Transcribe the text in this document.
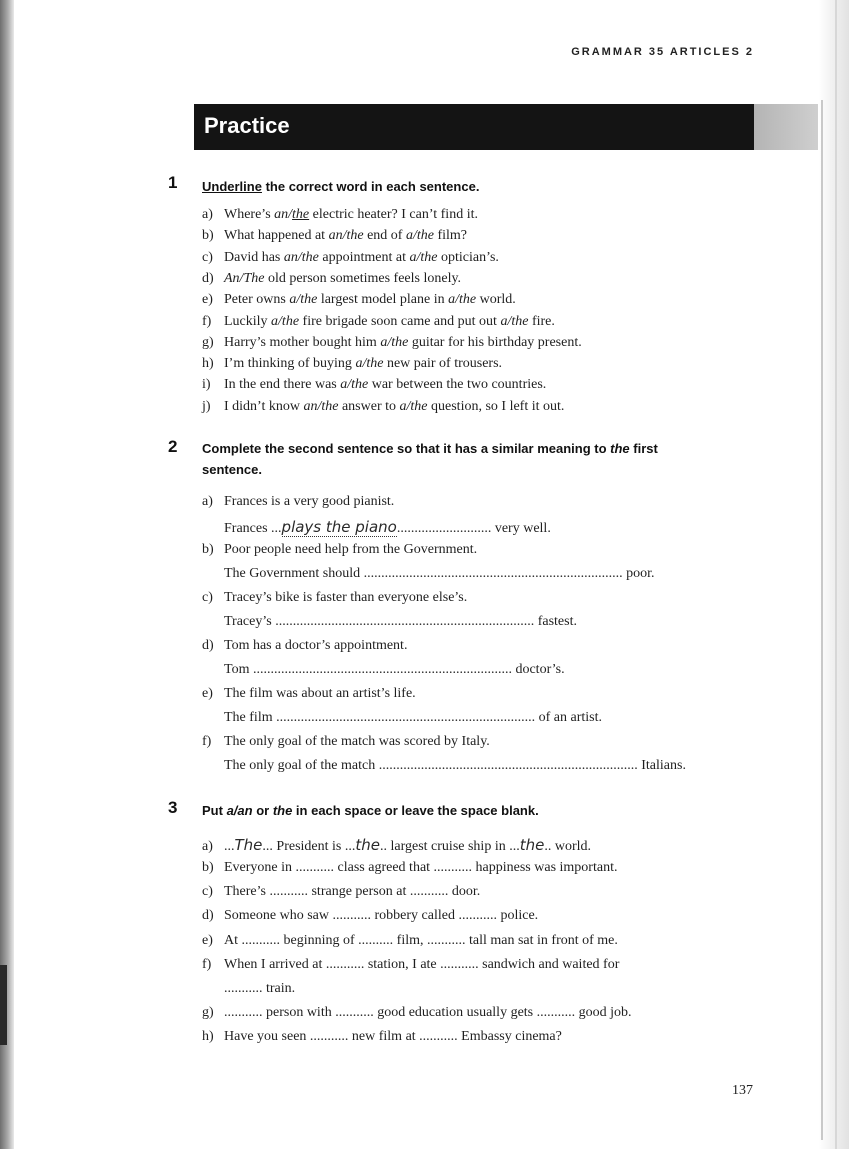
GRAMMAR 35 ARTICLES 2
Practice
1 Underline the correct word in each sentence.
a) Where’s an/the electric heater? I can’t find it.
b) What happened at an/the end of a/the film?
c) David has an/the appointment at a/the optician’s.
d) An/The old person sometimes feels lonely.
e) Peter owns a/the largest model plane in a/the world.
f) Luckily a/the fire brigade soon came and put out a/the fire.
g) Harry’s mother bought him a/the guitar for his birthday present.
h) I’m thinking of buying a/the new pair of trousers.
i) In the end there was a/the war between the two countries.
j) I didn’t know an/the answer to a/the question, so I left it out.
2 Complete the second sentence so that it has a similar meaning to the first
sentence.
a) Frances is a very good pianist.
Frances ...plays the piano........................... very well.
b) Poor people need help from the Government.
The Government should .......................................................................... poor.
c) Tracey’s bike is faster than everyone else’s.
Tracey’s .......................................................................... fastest.
d) Tom has a doctor’s appointment.
Tom .......................................................................... doctor’s.
e) The film was about an artist’s life.
The film .......................................................................... of an artist.
f) The only goal of the match was scored by Italy.
The only goal of the match .......................................................................... Italians.
3 Put a/an or the in each space or leave the space blank.
a) ...The... President is ...the.. largest cruise ship in ...the.. world.
b) Everyone in ........... class agreed that ........... happiness was important.
c) There’s ........... strange person at ........... door.
d) Someone who saw ........... robbery called ........... police.
e) At ........... beginning of .......... film, ........... tall man sat in front of me.
f) When I arrived at ........... station, I ate ........... sandwich and waited for
........... train.
g) ........... person with ........... good education usually gets ........... good job.
h) Have you seen ........... new film at ........... Embassy cinema?
137
